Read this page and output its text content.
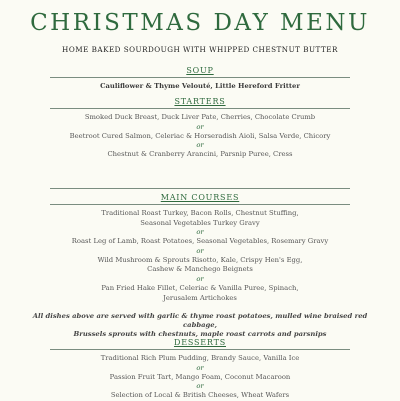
CHRISTMAS DAY MENU
HOME BAKED SOURDOUGH WITH WHIPPED CHESTNUT BUTTER

SOUP

Cauliflower & Thyme Velouté, Little Hereford Fritter

STARTERS

Smoked Duck Breast, Duck Liver Pate, Cherries, Chocolate Crumb

or

Beetroot Cured Salmon, Celeriac & Horseradish Aioli, Salsa Verde, Chicory

or

Chestnut & Cranberry Arancini, Parsnip Puree, Cress

MAIN COURSES

Traditional Roast Turkey, Bacon Rolls, Chestnut Stuffing,

Seasonal Vegetables Turkey Gravy

or

Roast Leg of Lamb, Roast Potatoes, Seasonal Vegetables, Rosemary Gravy

or

Wild Mushroom & Sprouts Risotto, Kale, Crispy Hen's Egg,

Cashew & Manchego Beignets

or

Pan Fried Hake Fillet, Celeriac & Vanilla Puree, Spinach,

Jerusalem Artichokes

All dishes above are served with garlic & thyme roast potatoes, mulled wine braised red cabbage,
Brussels sprouts with chestnuts, maple roast carrots and parsnips

DESSERTS

Traditional Rich Plum Pudding, Brandy Sauce, Vanilla Ice

or

Passion Fruit Tart, Mango Foam, Coconut Macaroon

or

Selection of Local & British Cheeses, Wheat Wafers
